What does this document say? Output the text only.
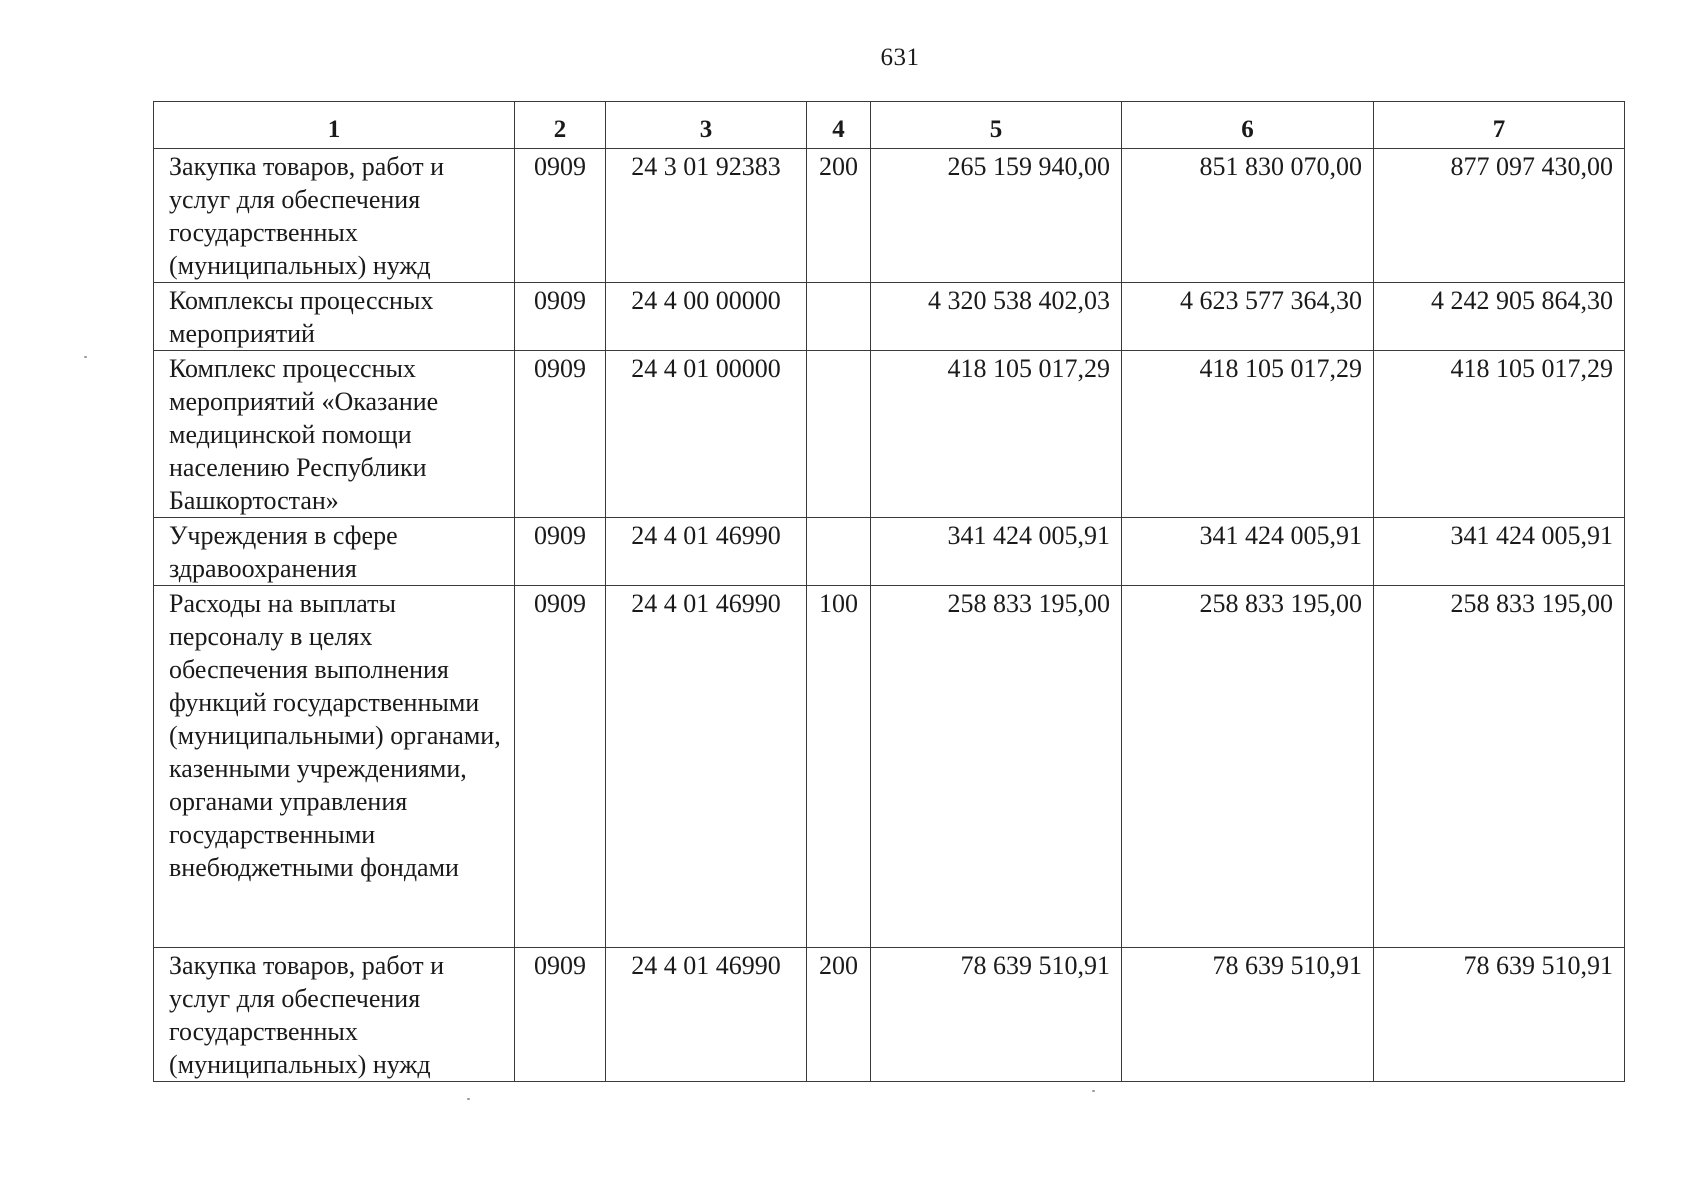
631
1	2	3	4	5	6	7
Закупка товаров, работ и услуг для обеспечения государственных (муниципальных) нужд	0909	24 3 01 92383	200	265 159 940,00	851 830 070,00	877 097 430,00
Комплексы процессных мероприятий	0909	24 4 00 00000		4 320 538 402,03	4 623 577 364,30	4 242 905 864,30
Комплекс процессных мероприятий «Оказание медицинской помощи населению Республики Башкортостан»	0909	24 4 01 00000		418 105 017,29	418 105 017,29	418 105 017,29
Учреждения в сфере здравоохранения	0909	24 4 01 46990		341 424 005,91	341 424 005,91	341 424 005,91
Расходы на выплаты персоналу в целях обеспечения выполнения функций государственными (муниципальными) органами, казенными учреждениями, органами управления государственными внебюджетными фондами	0909	24 4 01 46990	100	258 833 195,00	258 833 195,00	258 833 195,00
Закупка товаров, работ и услуг для обеспечения государственных (муниципальных) нужд	0909	24 4 01 46990	200	78 639 510,91	78 639 510,91	78 639 510,91
